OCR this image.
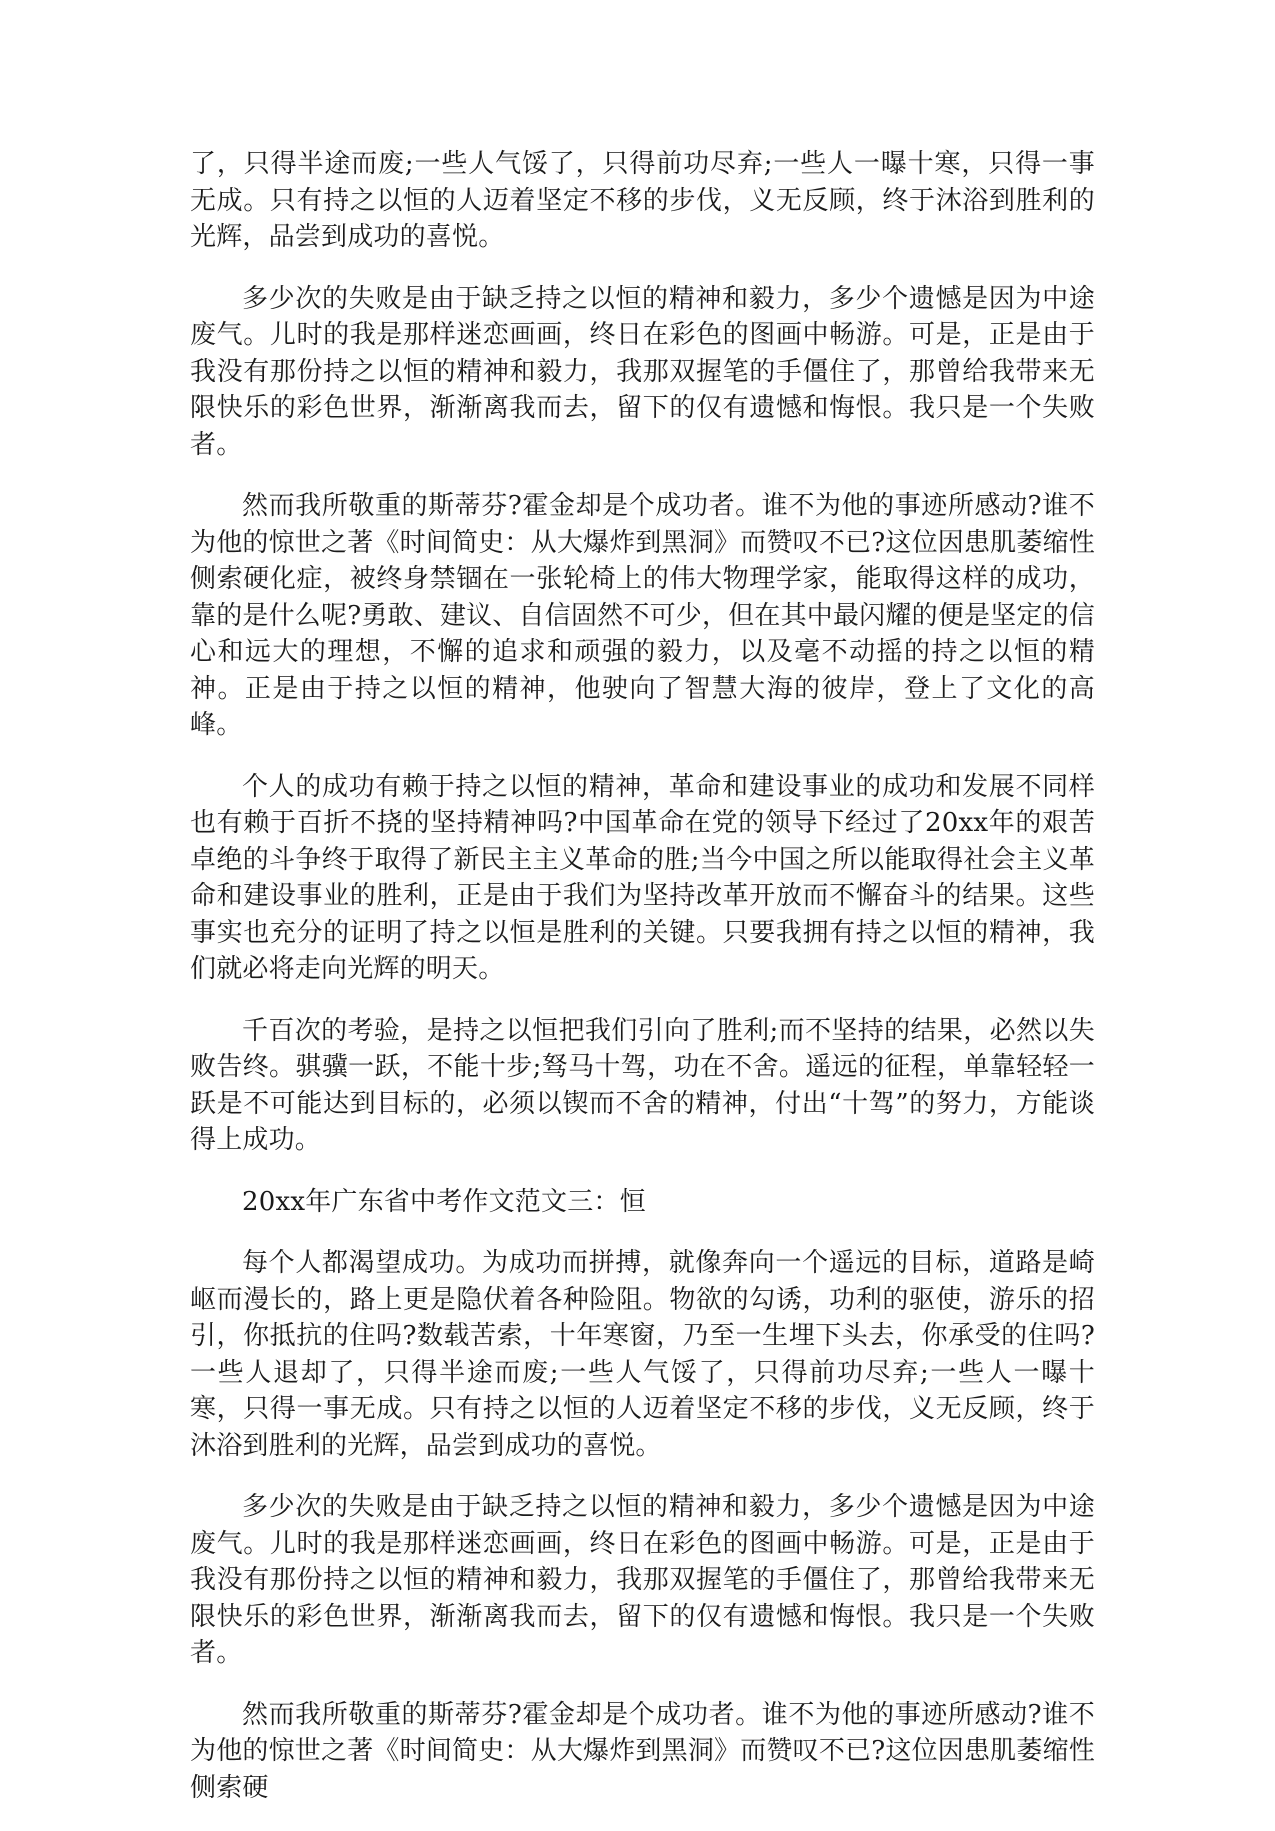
了，只得半途而废;一些人气馁了，只得前功尽弃;一些人一曝十寒，只得一事无成。只有持之以恒的人迈着坚定不移的步伐，义无反顾，终于沐浴到胜利的光辉，品尝到成功的喜悦。

多少次的失败是由于缺乏持之以恒的精神和毅力，多少个遗憾是因为中途废气。儿时的我是那样迷恋画画，终日在彩色的图画中畅游。可是，正是由于我没有那份持之以恒的精神和毅力，我那双握笔的手僵住了，那曾给我带来无限快乐的彩色世界，渐渐离我而去，留下的仅有遗憾和悔恨。我只是一个失败者。

然而我所敬重的斯蒂芬?霍金却是个成功者。谁不为他的事迹所感动?谁不为他的惊世之著《时间简史：从大爆炸到黑洞》而赞叹不已?这位因患肌萎缩性侧索硬化症，被终身禁锢在一张轮椅上的伟大物理学家，能取得这样的成功，靠的是什么呢?勇敢、建议、自信固然不可少，但在其中最闪耀的便是坚定的信心和远大的理想，不懈的追求和顽强的毅力，以及毫不动摇的持之以恒的精神。正是由于持之以恒的精神，他驶向了智慧大海的彼岸，登上了文化的高峰。

个人的成功有赖于持之以恒的精神，革命和建设事业的成功和发展不同样也有赖于百折不挠的坚持精神吗?中国革命在党的领导下经过了20xx年的艰苦卓绝的斗争终于取得了新民主主义革命的胜;当今中国之所以能取得社会主义革命和建设事业的胜利，正是由于我们为坚持改革开放而不懈奋斗的结果。这些事实也充分的证明了持之以恒是胜利的关键。只要我拥有持之以恒的精神，我们就必将走向光辉的明天。

千百次的考验，是持之以恒把我们引向了胜利;而不坚持的结果，必然以失败告终。骐骥一跃，不能十步;驽马十驾，功在不舍。遥远的征程，单靠轻轻一跃是不可能达到目标的，必须以锲而不舍的精神，付出“十驾”的努力，方能谈得上成功。

20xx年广东省中考作文范文三：恒

每个人都渴望成功。为成功而拼搏，就像奔向一个遥远的目标，道路是崎岖而漫长的，路上更是隐伏着各种险阻。物欲的勾诱，功利的驱使，游乐的招引，你抵抗的住吗?数载苦索，十年寒窗，乃至一生埋下头去，你承受的住吗?一些人退却了，只得半途而废;一些人气馁了，只得前功尽弃;一些人一曝十寒，只得一事无成。只有持之以恒的人迈着坚定不移的步伐，义无反顾，终于沐浴到胜利的光辉，品尝到成功的喜悦。

多少次的失败是由于缺乏持之以恒的精神和毅力，多少个遗憾是因为中途废气。儿时的我是那样迷恋画画，终日在彩色的图画中畅游。可是，正是由于我没有那份持之以恒的精神和毅力，我那双握笔的手僵住了，那曾给我带来无限快乐的彩色世界，渐渐离我而去，留下的仅有遗憾和悔恨。我只是一个失败者。

然而我所敬重的斯蒂芬?霍金却是个成功者。谁不为他的事迹所感动?谁不为他的惊世之著《时间简史：从大爆炸到黑洞》而赞叹不已?这位因患肌萎缩性侧索硬
